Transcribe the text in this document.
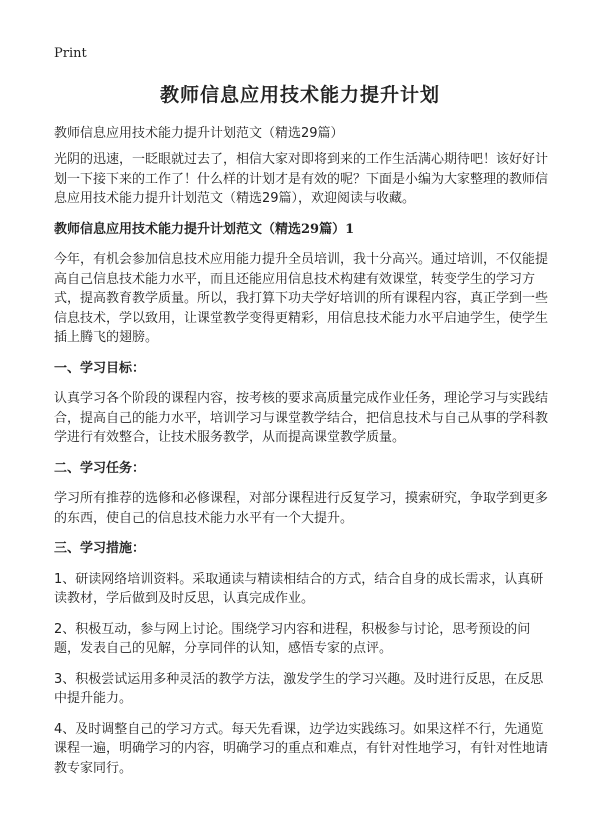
Print
教师信息应用技术能力提升计划
教师信息应用技术能力提升计划范文（精选29篇）

光阴的迅速，一眨眼就过去了，相信大家对即将到来的工作生活满心期待吧！该好好计划一下接下来的工作了！什么样的计划才是有效的呢？下面是小编为大家整理的教师信息应用技术能力提升计划范文（精选29篇），欢迎阅读与收藏。

教师信息应用技术能力提升计划范文（精选29篇）1

今年，有机会参加信息技术应用能力提升全员培训，我十分高兴。通过培训，不仅能提高自己信息技术能力水平，而且还能应用信息技术构建有效课堂，转变学生的学习方式，提高教育教学质量。所以，我打算下功夫学好培训的所有课程内容，真正学到一些信息技术，学以致用，让课堂教学变得更精彩，用信息技术能力水平启迪学生，使学生插上腾飞的翅膀。

一、学习目标：

认真学习各个阶段的课程内容，按考核的要求高质量完成作业任务，理论学习与实践结合，提高自己的能力水平，培训学习与课堂教学结合，把信息技术与自己从事的学科教学进行有效整合，让技术服务教学，从而提高课堂教学质量。

二、学习任务：

学习所有推荐的选修和必修课程，对部分课程进行反复学习，摸索研究，争取学到更多的东西，使自己的信息技术能力水平有一个大提升。

三、学习措施：

1、研读网络培训资料。采取通读与精读相结合的方式，结合自身的成长需求，认真研读教材，学后做到及时反思，认真完成作业。

2、积极互动，参与网上讨论。围绕学习内容和进程，积极参与讨论，思考预设的问题，发表自己的见解，分享同伴的认知，感悟专家的点评。

3、积极尝试运用多种灵活的教学方法，激发学生的学习兴趣。及时进行反思，在反思中提升能力。

4、及时调整自己的学习方式。每天先看课，边学边实践练习。如果这样不行，先通览课程一遍，明确学习的内容，明确学习的重点和难点，有针对性地学习，有针对性地请教专家同行。
